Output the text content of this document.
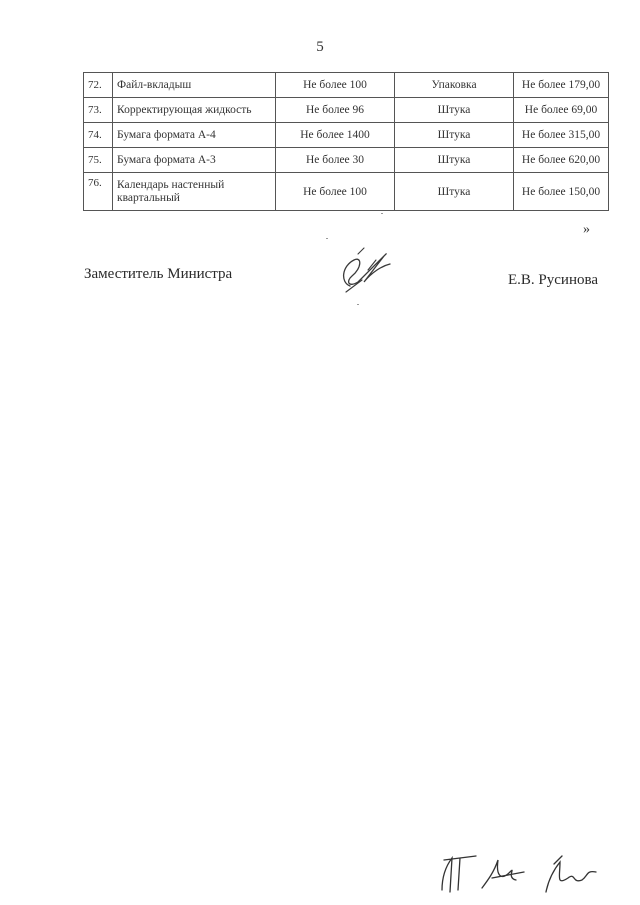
5
72.	Файл-вкладыш	Не более 100	Упаковка	Не более 179,00
73.	Корректирующая жидкость	Не более 96	Штука	Не более 69,00
74.	Бумага формата А-4	Не более 1400	Штука	Не более 315,00
75.	Бумага формата А-3	Не более 30	Штука	Не более 620,00
76.	Календарь настенный квартальный	Не более 100	Штука	Не более 150,00
»
Заместитель Министра	Е.В. Русинова
